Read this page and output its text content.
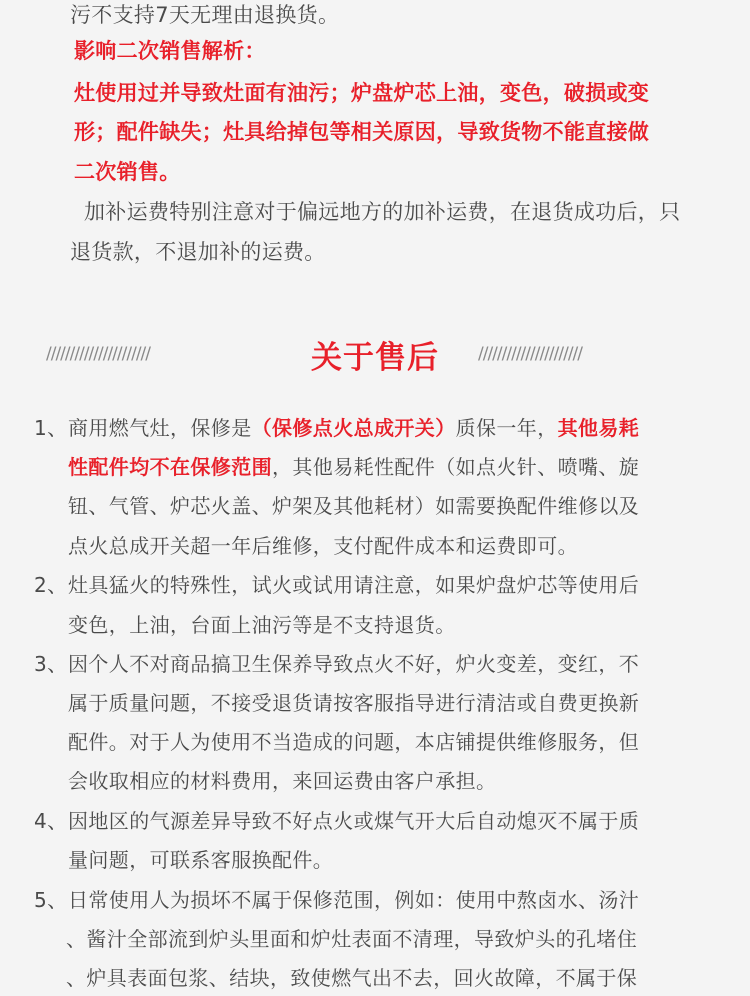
污不支持7天无理由退换货。
影响二次销售解析：
灶使用过并导致灶面有油污；炉盘炉芯上油，变色，破损或变
形；配件缺失；灶具给掉包等相关原因，导致货物不能直接做
二次销售。
加补运费特别注意对于偏远地方的加补运费，在退货成功后，只
退货款，不退加补的运费。
//////////////////////	关于售后	//////////////////////
1、 商用燃气灶，保修是（保修点火总成开关）质保一年，其他易耗
性配件均不在保修范围，其他易耗性配件（如点火针、喷嘴、旋
钮、气管、炉芯火盖、炉架及其他耗材）如需要换配件维修以及
点火总成开关超一年后维修，支付配件成本和运费即可。
2、 灶具猛火的特殊性，试火或试用请注意，如果炉盘炉芯等使用后
变色，上油，台面上油污等是不支持退货。
3、 因个人不对商品搞卫生保养导致点火不好，炉火变差，变红，不
属于质量问题，不接受退货请按客服指导进行清洁或自费更换新
配件。对于人为使用不当造成的问题，本店铺提供维修服务，但
会收取相应的材料费用，来回运费由客户承担。
4、 因地区的气源差异导致不好点火或煤气开大后自动熄灭不属于质
量问题，可联系客服换配件。
5、 日常使用人为损坏不属于保修范围，例如：使用中熬卤水、汤汁
、酱汁全部流到炉头里面和炉灶表面不清理，导致炉头的孔堵住
、炉具表面包浆、结块，致使燃气出不去，回火故障，不属于保
